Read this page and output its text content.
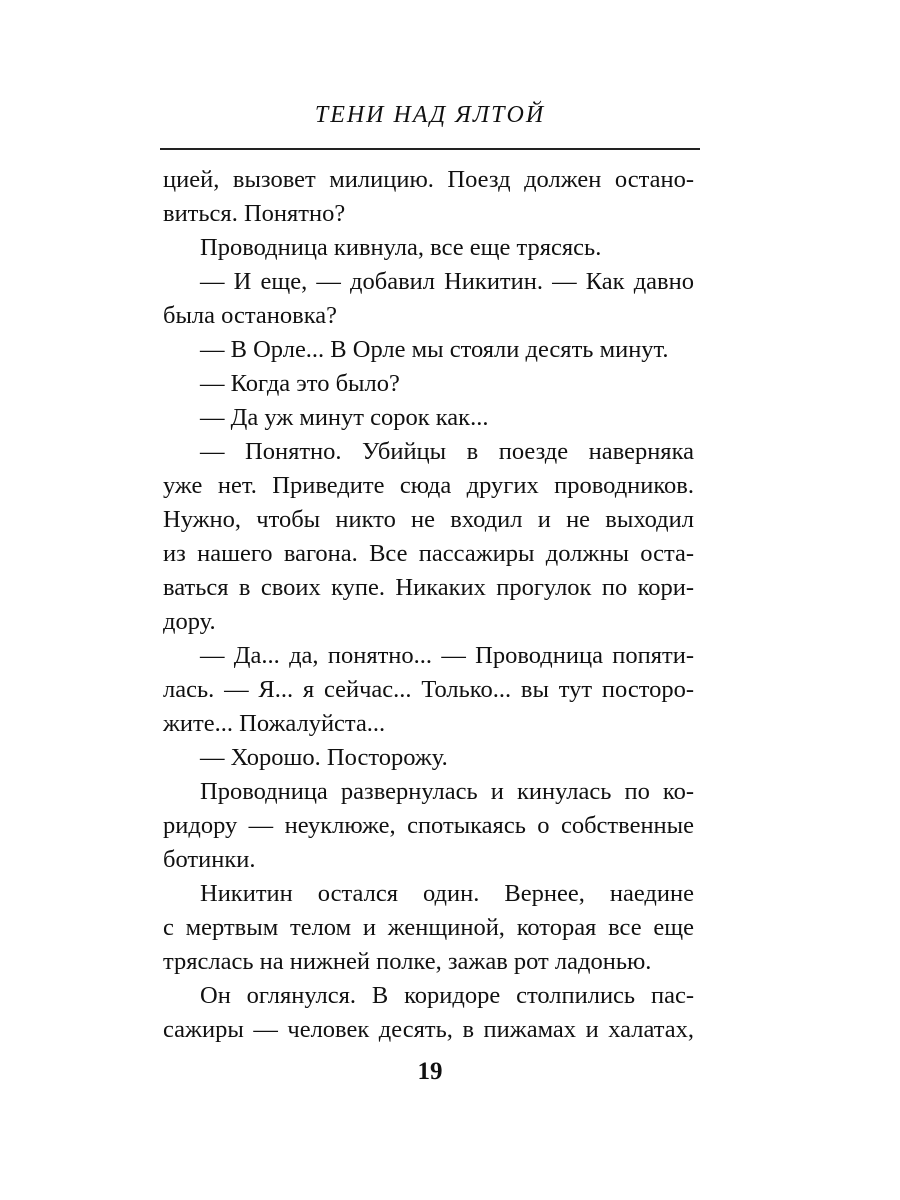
ТЕНИ НАД ЯЛТОЙ
цией, вызовет милицию. Поезд должен остано-
виться. Понятно?
Проводница кивнула, все еще трясясь.
— И еще, — добавил Никитин. — Как давно
была остановка?
— В Орле... В Орле мы стояли десять минут.
— Когда это было?
— Да уж минут сорок как...
— Понятно. Убийцы в поезде наверняка
уже нет. Приведите сюда других проводников.
Нужно, чтобы никто не входил и не выходил
из нашего вагона. Все пассажиры должны оста-
ваться в своих купе. Никаких прогулок по кори-
дору.
— Да... да, понятно... — Проводница попяти-
лась. — Я... я сейчас... Только... вы тут посторо-
жите... Пожалуйста...
— Хорошо. Посторожу.
Проводница развернулась и кинулась по ко-
ридору — неуклюже, спотыкаясь о собственные
ботинки.
Никитин остался один. Вернее, наедине
с мертвым телом и женщиной, которая все еще
тряслась на нижней полке, зажав рот ладонью.
Он оглянулся. В коридоре столпились пас-
сажиры — человек десять, в пижамах и халатах,
19
